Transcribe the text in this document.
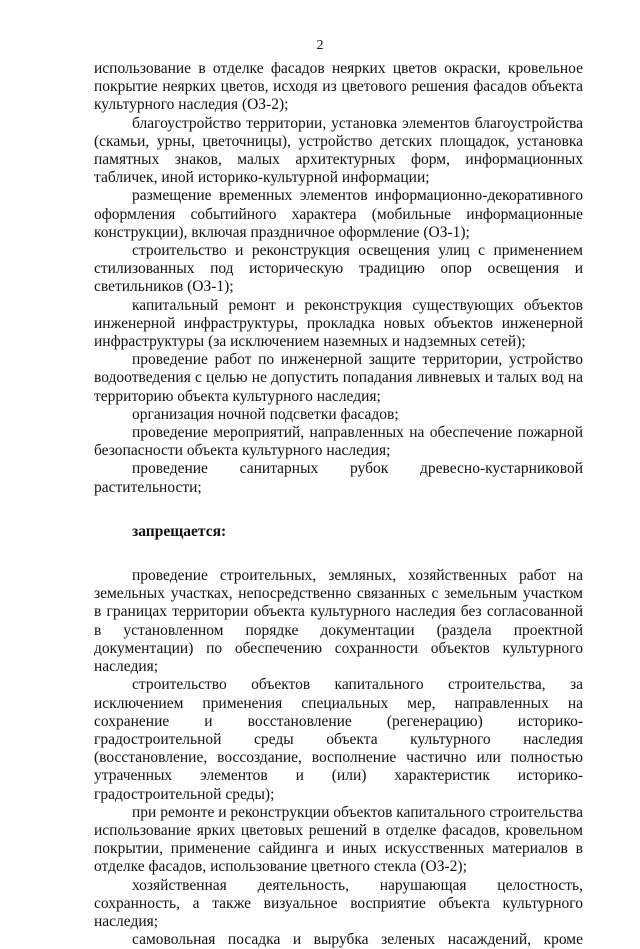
2

использование в отделке фасадов неярких цветов окраски, кровельное покрытие неярких цветов, исходя из цветового решения фасадов объекта культурного наследия (ОЗ-2);

благоустройство территории, установка элементов благоустройства (скамьи, урны, цветочницы), устройство детских площадок, установка памятных знаков, малых архитектурных форм, информационных табличек, иной историко-культурной информации;

размещение временных элементов информационно-декоративного оформления событийного характера (мобильные информационные конструкции), включая праздничное оформление (ОЗ-1);

строительство и реконструкция освещения улиц с применением стилизованных под историческую традицию опор освещения и светильников (ОЗ-1);

капитальный ремонт и реконструкция существующих объектов инженерной инфраструктуры, прокладка новых объектов инженерной инфраструктуры (за исключением наземных и надземных сетей);

проведение работ по инженерной защите территории, устройство водоотведения с целью не допустить попадания ливневых и талых вод на территорию объекта культурного наследия;

организация ночной подсветки фасадов;

проведение мероприятий, направленных на обеспечение пожарной безопасности объекта культурного наследия;

проведение санитарных рубок древесно-кустарниковой растительности;

запрещается:

проведение строительных, земляных, хозяйственных работ на земельных участках, непосредственно связанных с земельным участком в границах территории объекта культурного наследия без согласованной в установленном порядке документации (раздела проектной документации) по обеспечению сохранности объектов культурного наследия;

строительство объектов капитального строительства, за исключением применения специальных мер, направленных на сохранение и восстановление (регенерацию) историко-градостроительной среды объекта культурного наследия (восстановление, воссоздание, восполнение частично или полностью утраченных элементов и (или) характеристик историко-градостроительной среды);

при ремонте и реконструкции объектов капитального строительства использование ярких цветовых решений в отделке фасадов, кровельном покрытии, применение сайдинга и иных искусственных материалов в отделке фасадов, использование цветного стекла (ОЗ-2);

хозяйственная деятельность, нарушающая целостность, сохранность, а также визуальное восприятие объекта культурного наследия;

самовольная посадка и вырубка зеленых насаждений, кроме
